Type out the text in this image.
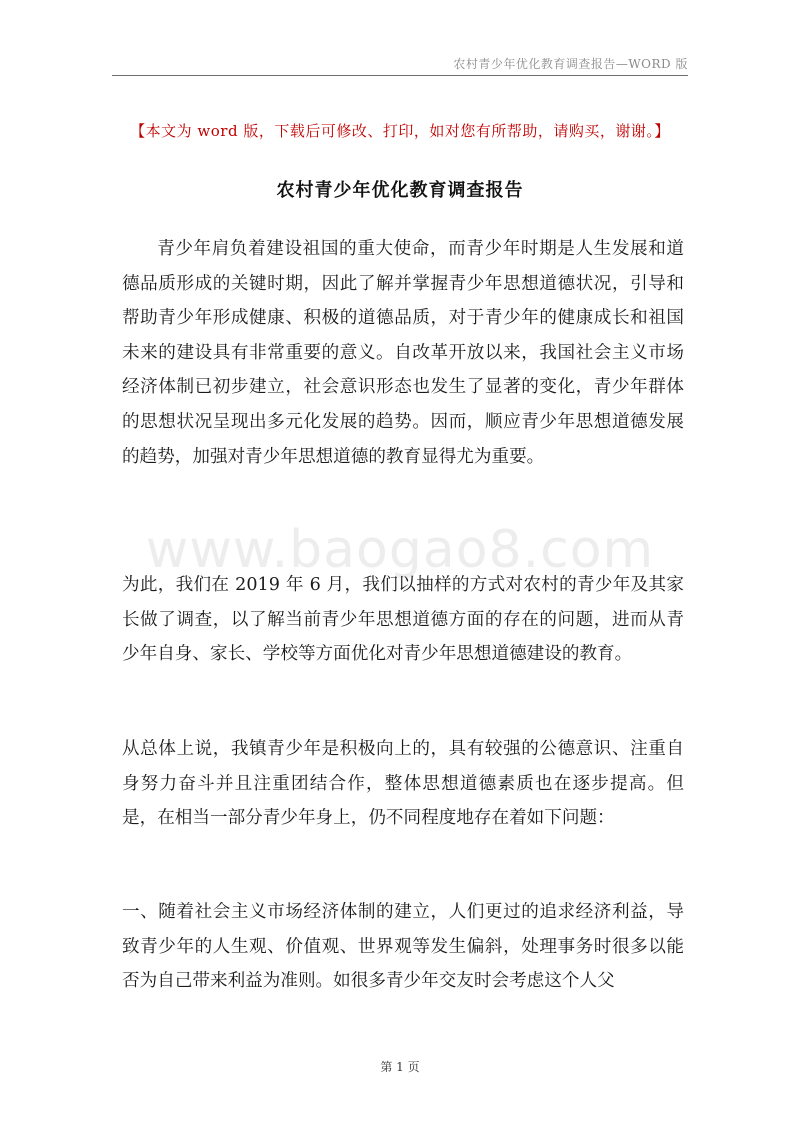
农村青少年优化教育调查报告—WORD 版
【本文为 word 版，下载后可修改、打印，如对您有所帮助，请购买，谢谢。】
农村青少年优化教育调查报告
www.baogao8.com
青少年肩负着建设祖国的重大使命，而青少年时期是人生发展和道德品质形成的关键时期，因此了解并掌握青少年思想道德状况，引导和帮助青少年形成健康、积极的道德品质，对于青少年的健康成长和祖国未来的建设具有非常重要的意义。自改革开放以来，我国社会主义市场经济体制已初步建立，社会意识形态也发生了显著的变化，青少年群体的思想状况呈现出多元化发展的趋势。因而，顺应青少年思想道德发展的趋势，加强对青少年思想道德的教育显得尤为重要。
为此，我们在 2019 年 6 月，我们以抽样的方式对农村的青少年及其家长做了调查，以了解当前青少年思想道德方面的存在的问题，进而从青少年自身、家长、学校等方面优化对青少年思想道德建设的教育。
从总体上说，我镇青少年是积极向上的，具有较强的公德意识、注重自身努力奋斗并且注重团结合作，整体思想道德素质也在逐步提高。但是，在相当一部分青少年身上，仍不同程度地存在着如下问题：
一、随着社会主义市场经济体制的建立，人们更过的追求经济利益，导致青少年的人生观、价值观、世界观等发生偏斜，处理事务时很多以能否为自己带来利益为准则。如很多青少年交友时会考虑这个人父
第 1 页
